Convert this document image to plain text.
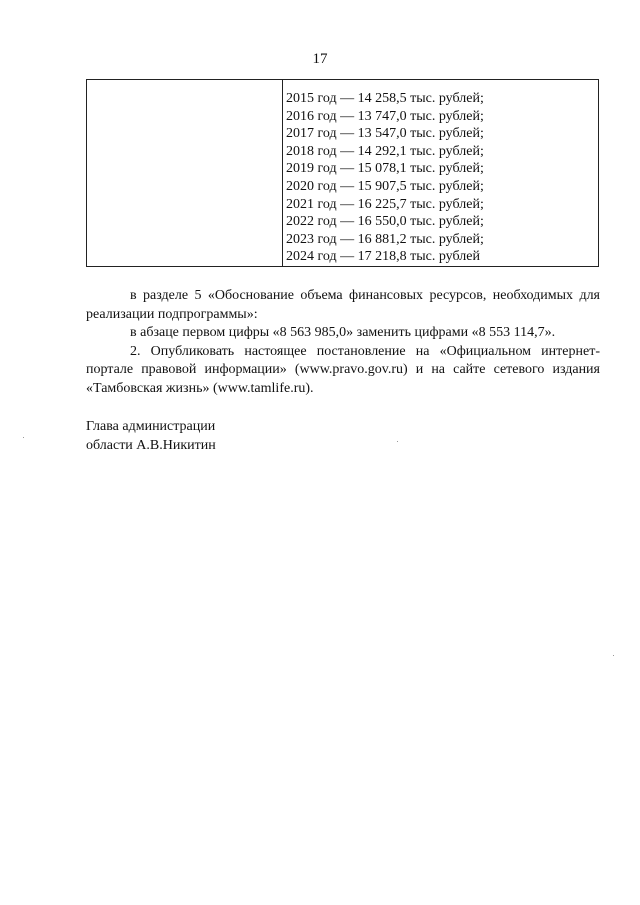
17
2015 год — 14 258,5 тыс. рублей;
2016 год — 13 747,0 тыс. рублей;
2017 год — 13 547,0 тыс. рублей;
2018 год — 14 292,1 тыс. рублей;
2019 год — 15 078,1 тыс. рублей;
2020 год — 15 907,5 тыс. рублей;
2021 год — 16 225,7 тыс. рублей;
2022 год — 16 550,0 тыс. рублей;
2023 год — 16 881,2 тыс. рублей;
2024 год — 17 218,8 тыс. рублей

в разделе 5 «Обоснование объема финансовых ресурсов, необходимых для реализации подпрограммы»:

в абзаце первом цифры «8 563 985,0» заменить цифрами «8 553 114,7».

2. Опубликовать настоящее постановление на «Официальном интернет-портале правовой информации» (www.pravo.gov.ru) и на сайте сетевого издания «Тамбовская жизнь» (www.tamlife.ru).

Глава администрации
области А.В.Никитин
